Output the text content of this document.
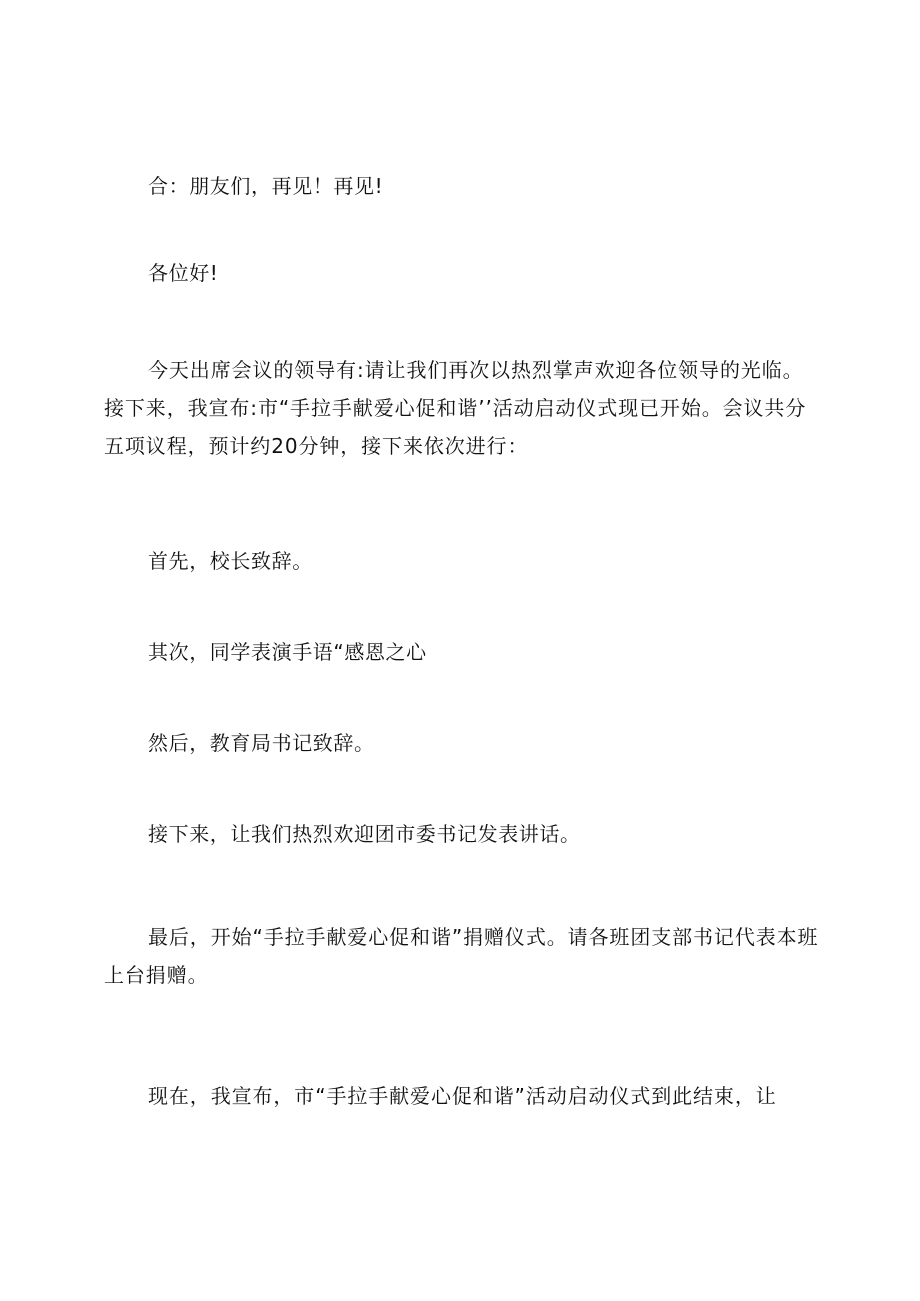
合：朋友们，再见！再见!

各位好!

今天出席会议的领导有:请让我们再次以热烈掌声欢迎各位领导的光临。接下来，我宣布:市“手拉手献爱心促和谐’’活动启动仪式现已开始。会议共分五项议程，预计约20分钟，接下来依次进行：

首先，校长致辞。

其次，同学表演手语“感恩之心

然后，教育局书记致辞。

接下来，让我们热烈欢迎团市委书记发表讲话。

最后，开始“手拉手献爱心促和谐”捐赠仪式。请各班团支部书记代表本班上台捐赠。

现在，我宣布，市“手拉手献爱心促和谐”活动启动仪式到此结束，让
